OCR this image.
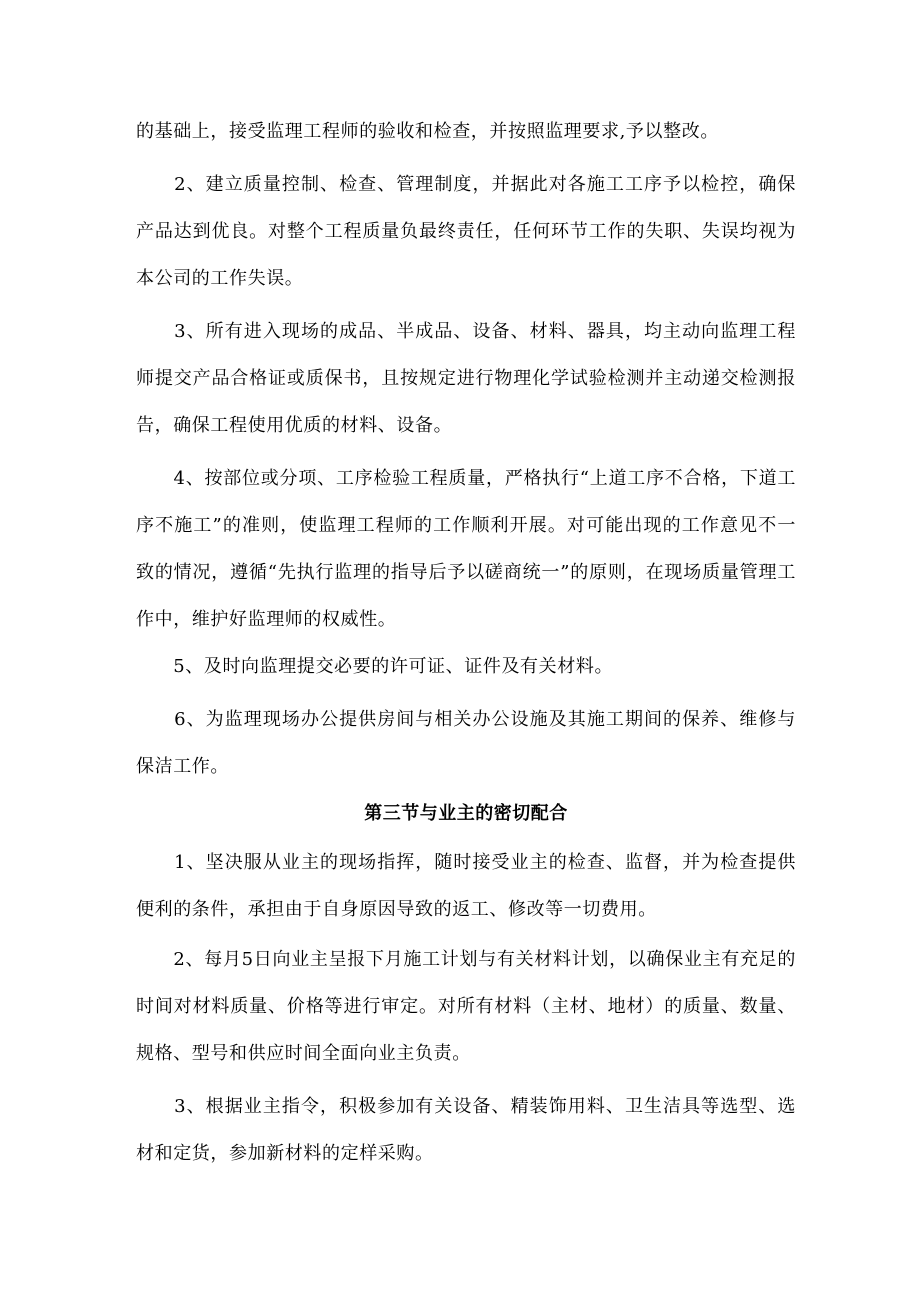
的基础上，接受监理工程师的验收和检查，并按照监理要求,予以整改。

　　2、建立质量控制、检查、管理制度，并据此对各施工工序予以检控，确保产品达到优良。对整个工程质量负最终责任，任何环节工作的失职、失误均视为本公司的工作失误。

　　3、所有进入现场的成品、半成品、设备、材料、器具，均主动向监理工程师提交产品合格证或质保书，且按规定进行物理化学试验检测并主动递交检测报告，确保工程使用优质的材料、设备。

　　4、按部位或分项、工序检验工程质量，严格执行“上道工序不合格，下道工序不施工”的准则，使监理工程师的工作顺利开展。对可能出现的工作意见不一致的情况，遵循“先执行监理的指导后予以磋商统一”的原则，在现场质量管理工作中，维护好监理师的权威性。

　　5、及时向监理提交必要的许可证、证件及有关材料。

　　6、为监理现场办公提供房间与相关办公设施及其施工期间的保养、维修与保洁工作。

第三节与业主的密切配合

　　1、坚决服从业主的现场指挥，随时接受业主的检查、监督，并为检查提供便利的条件，承担由于自身原因导致的返工、修改等一切费用。

　　2、每月5日向业主呈报下月施工计划与有关材料计划，以确保业主有充足的时间对材料质量、价格等进行审定。对所有材料（主材、地材）的质量、数量、规格、型号和供应时间全面向业主负责。

　　3、根据业主指令，积极参加有关设备、精装饰用料、卫生洁具等选型、选材和定货，参加新材料的定样采购。
